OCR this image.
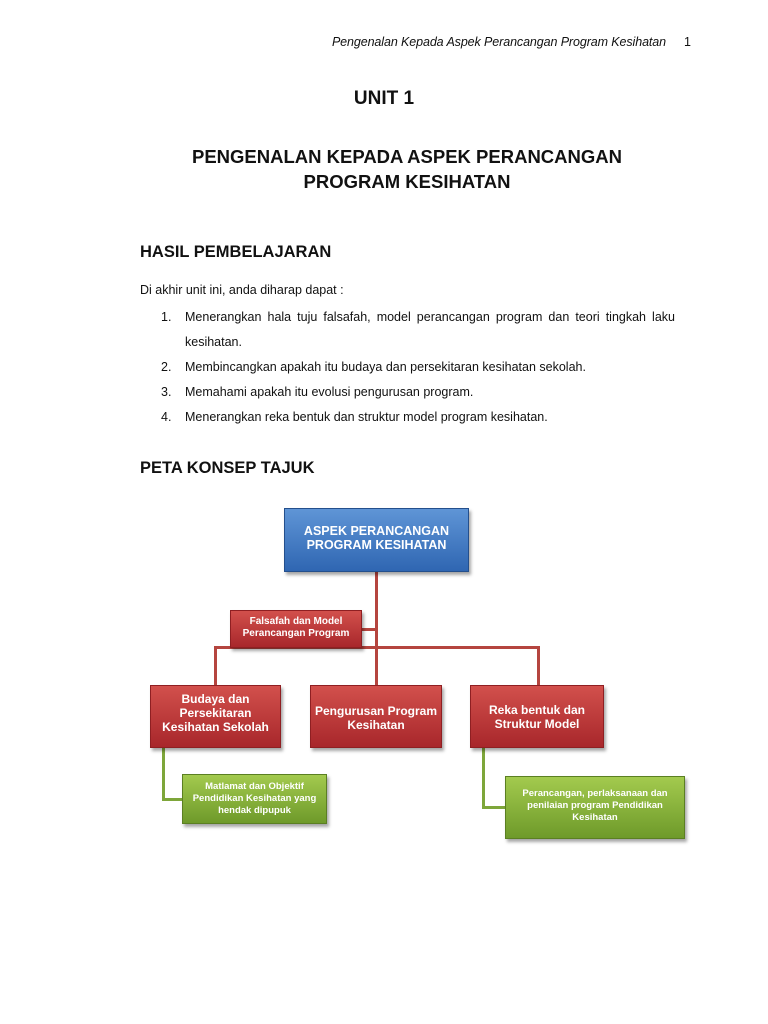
Pengenalan Kepada Aspek Perancangan Program Kesihatan 1
UNIT 1
PENGENALAN KEPADA ASPEK PERANCANGAN
PROGRAM KESIHATAN
HASIL PEMBELAJARAN
Di akhir unit ini, anda diharap dapat :
1. Menerangkan hala tuju falsafah, model perancangan program dan teori tingkah laku kesihatan.
2. Membincangkan apakah itu budaya dan persekitaran kesihatan sekolah.
3. Memahami apakah itu evolusi pengurusan program.
4. Menerangkan reka bentuk dan struktur model program kesihatan.
PETA KONSEP TAJUK
ASPEK PERANCANGAN PROGRAM KESIHATAN
Falsafah dan Model Perancangan Program
Budaya dan Persekitaran Kesihatan Sekolah
Pengurusan Program Kesihatan
Reka bentuk dan Struktur Model
Matlamat dan Objektif Pendidikan Kesihatan yang hendak dipupuk
Perancangan, perlaksanaan dan penilaian program Pendidikan Kesihatan
